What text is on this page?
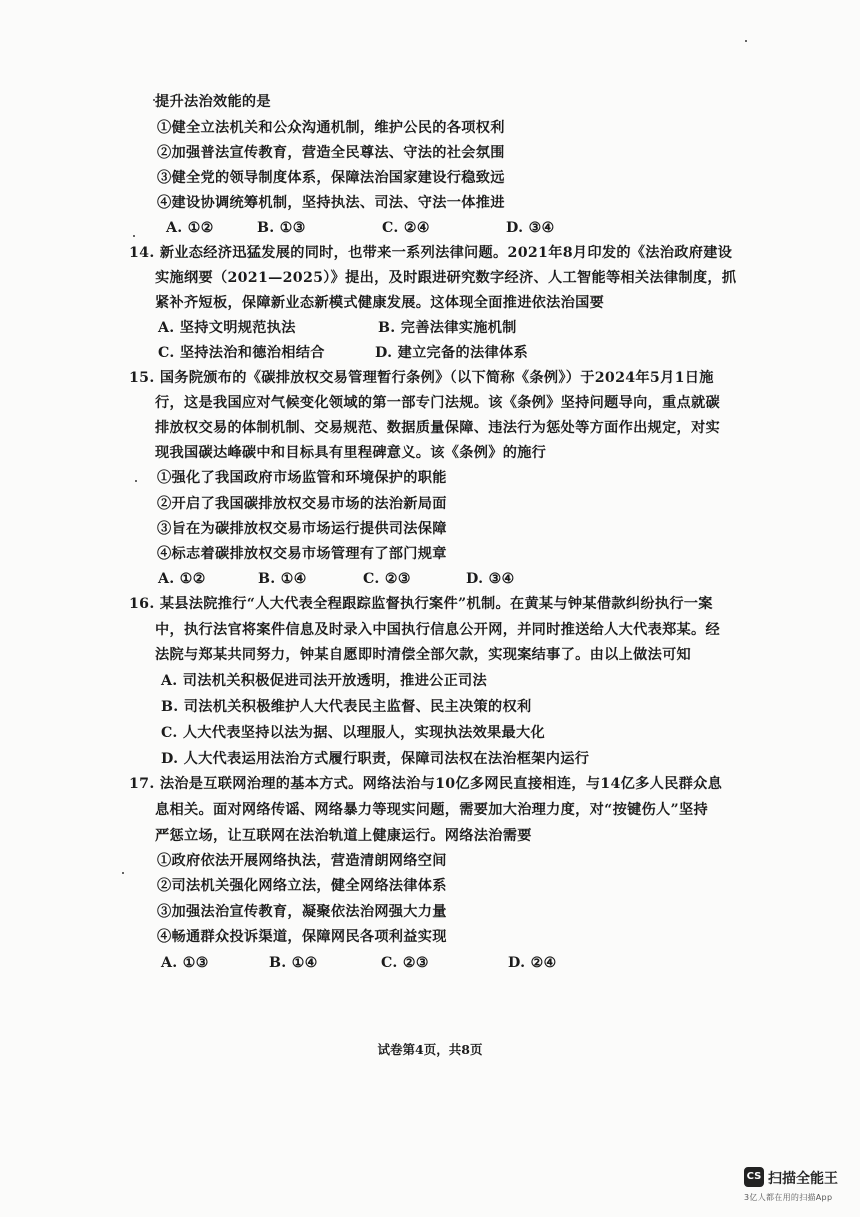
提升法治效能的是
①健全立法机关和公众沟通机制，维护公民的各项权利
②加强普法宣传教育，营造全民尊法、守法的社会氛围
③健全党的领导制度体系，保障法治国家建设行稳致远
④建设协调统筹机制，坚持执法、司法、守法一体推进
A. ①②	B. ①③	C. ②④	D. ③④
14. 新业态经济迅猛发展的同时，也带来一系列法律问题。2021年8月印发的《法治政府建设
实施纲要（2021—2025）》提出，及时跟进研究数字经济、人工智能等相关法律制度，抓
紧补齐短板，保障新业态新模式健康发展。这体现全面推进依法治国要
A. 坚持文明规范执法	B. 完善法律实施机制
C. 坚持法治和德治相结合	D. 建立完备的法律体系
15. 国务院颁布的《碳排放权交易管理暂行条例》（以下简称《条例》）于2024年5月1日施
行，这是我国应对气候变化领域的第一部专门法规。该《条例》坚持问题导向，重点就碳
排放权交易的体制机制、交易规范、数据质量保障、违法行为惩处等方面作出规定，对实
现我国碳达峰碳中和目标具有里程碑意义。该《条例》的施行
①强化了我国政府市场监管和环境保护的职能
②开启了我国碳排放权交易市场的法治新局面
③旨在为碳排放权交易市场运行提供司法保障
④标志着碳排放权交易市场管理有了部门规章
A. ①②	B. ①④	C. ②③	D. ③④
16. 某县法院推行“人大代表全程跟踪监督执行案件”机制。在黄某与钟某借款纠纷执行一案
中，执行法官将案件信息及时录入中国执行信息公开网，并同时推送给人大代表郑某。经
法院与郑某共同努力，钟某自愿即时清偿全部欠款，实现案结事了。由以上做法可知
A. 司法机关积极促进司法开放透明，推进公正司法
B. 司法机关积极维护人大代表民主监督、民主决策的权利
C. 人大代表坚持以法为据、以理服人，实现执法效果最大化
D. 人大代表运用法治方式履行职责，保障司法权在法治框架内运行
17. 法治是互联网治理的基本方式。网络法治与10亿多网民直接相连，与14亿多人民群众息
息相关。面对网络传谣、网络暴力等现实问题，需要加大治理力度，对“按键伤人”坚持
严惩立场，让互联网在法治轨道上健康运行。网络法治需要
①政府依法开展网络执法，营造清朗网络空间
②司法机关强化网络立法，健全网络法律体系
③加强法治宣传教育，凝聚依法治网强大力量
④畅通群众投诉渠道，保障网民各项利益实现
A. ①③	B. ①④	C. ②③	D. ②④
试卷第4页，共8页
CS 扫描全能王
3亿人都在用的扫描App
